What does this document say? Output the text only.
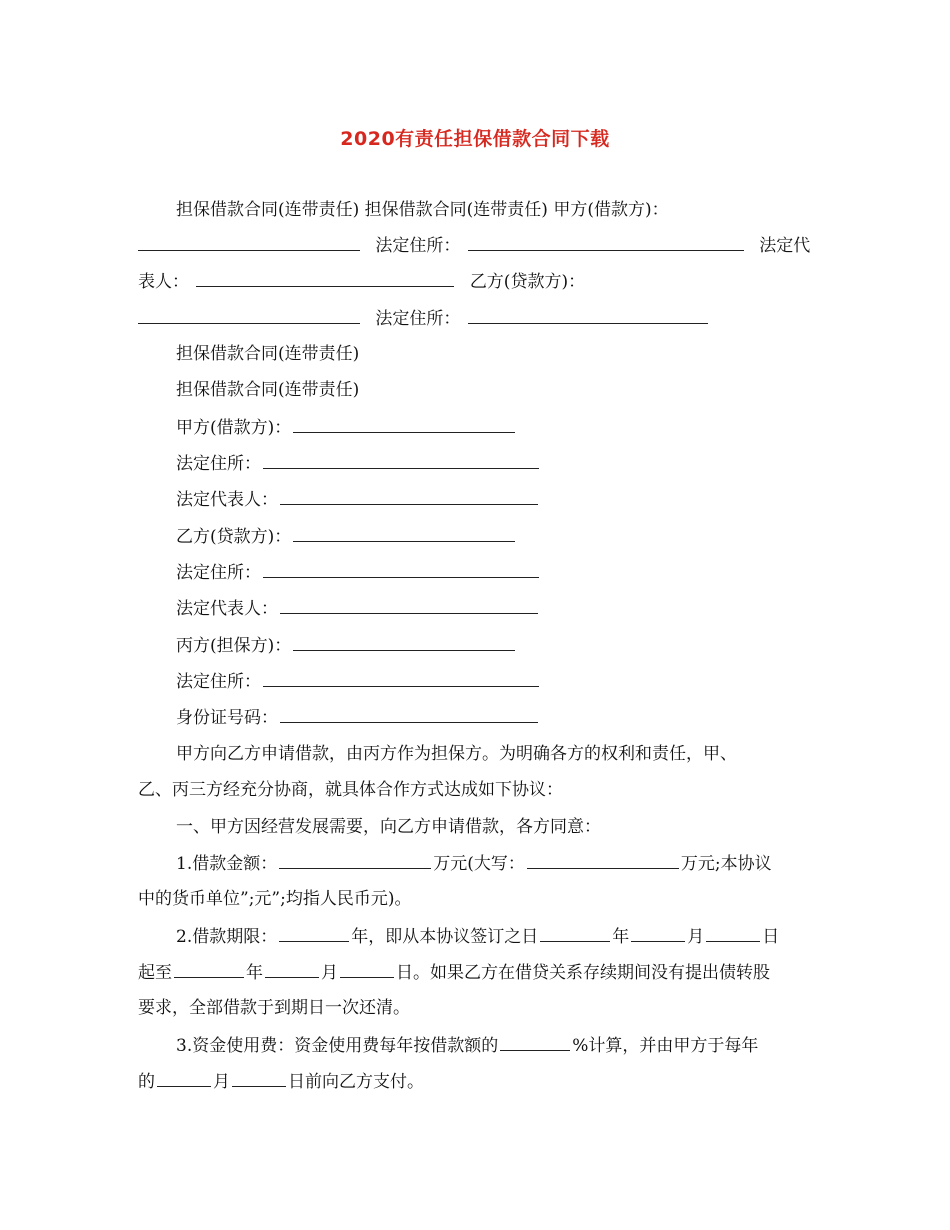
2020有责任担保借款合同下载
担保借款合同(连带责任) 担保借款合同(连带责任) 甲方(借款方)：
法定住所：	法定代
表人：	乙方(贷款方)：
法定住所：
担保借款合同(连带责任)
担保借款合同(连带责任)
甲方(借款方)：
法定住所：
法定代表人：
乙方(贷款方)：
法定住所：
法定代表人：
丙方(担保方)：
法定住所：
身份证号码：
甲方向乙方申请借款，由丙方作为担保方。为明确各方的权利和责任，甲、
乙、丙三方经充分协商，就具体合作方式达成如下协议：
一、甲方因经营发展需要，向乙方申请借款，各方同意：
1.借款金额：	万元(大写：	万元;本协议
中的货币单位”;元”;均指人民币元)。
2.借款期限：	年，即从本协议签订之日	年	月	日
起至	年	月	日。如果乙方在借贷关系存续期间没有提出债转股
要求，全部借款于到期日一次还清。
3.资金使用费：资金使用费每年按借款额的	%计算，并由甲方于每年
的	月	日前向乙方支付。
